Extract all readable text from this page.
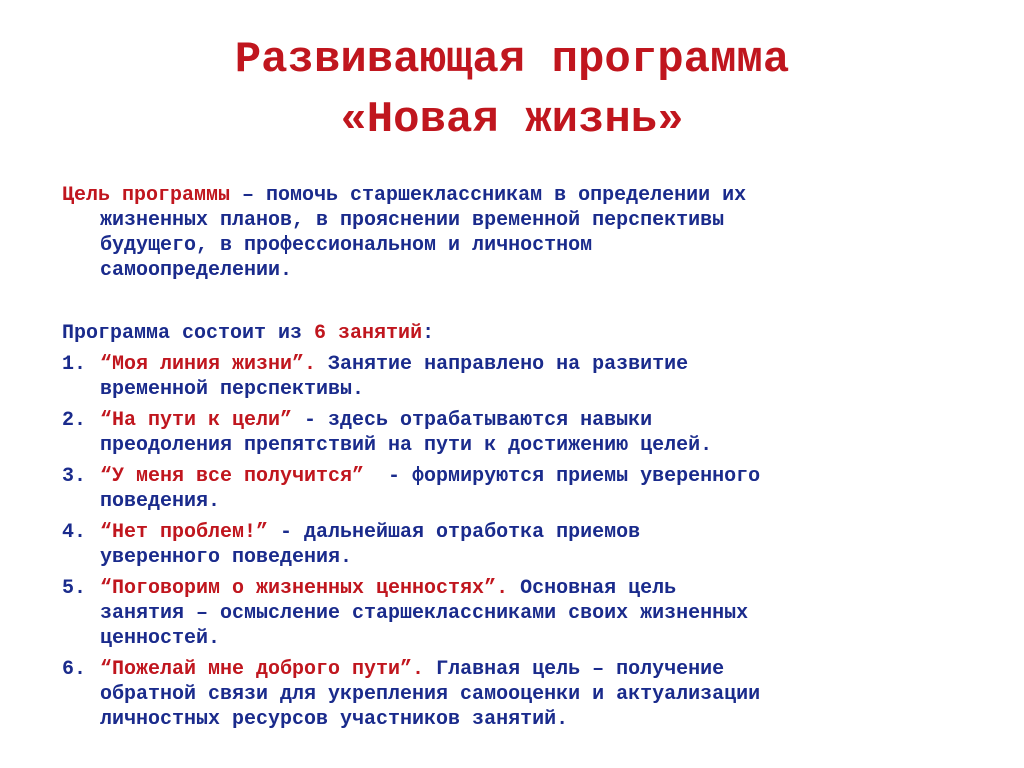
Развивающая программа
«Новая жизнь»
Цель программы – помочь старшеклассникам в определении их
жизненных планов, в прояснении временной перспективы
будущего, в профессиональном и личностном
самоопределении.
Программа состоит из 6 занятий:
1. “Моя линия жизни”. Занятие направлено на развитие
временной перспективы.
2. “На пути к цели” - здесь отрабатываются навыки
преодоления препятствий на пути к достижению целей.
3. “У меня все получится”  - формируются приемы уверенного
поведения.
4. “Нет проблем!” - дальнейшая отработка приемов
уверенного поведения.
5. “Поговорим о жизненных ценностях”. Основная цель
занятия – осмысление старшеклассниками своих жизненных
ценностей.
6. “Пожелай мне доброго пути”. Главная цель – получение
обратной связи для укрепления самооценки и актуализации
личностных ресурсов участников занятий.
